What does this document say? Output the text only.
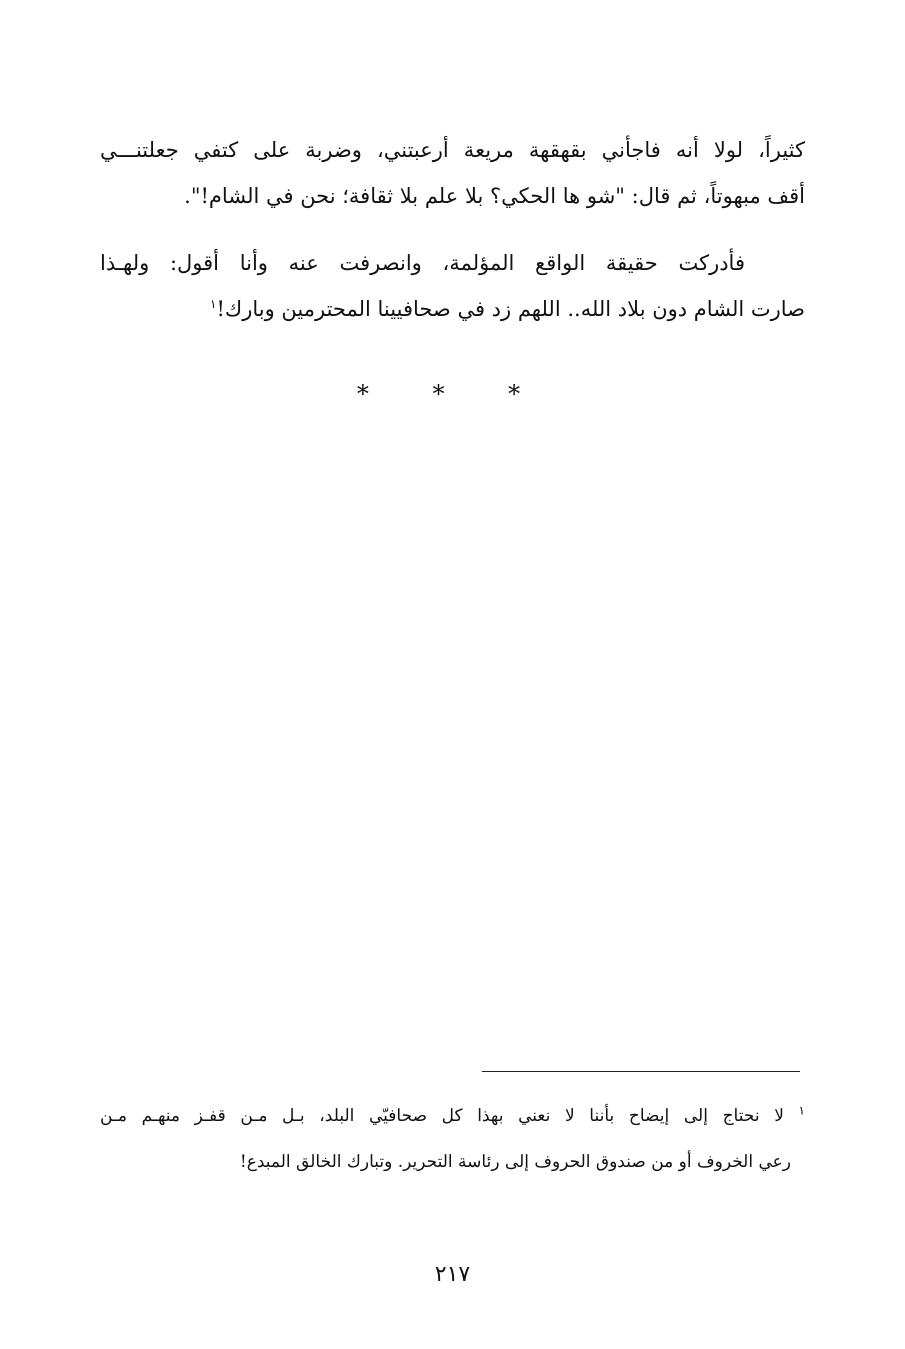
كثيراً، لولا أنه فاجأني بقهقهة مريعة أرعبتني، وضربة على كتفي جعلتنـــي
أقف مبهوتاً، ثم قال: "شو ها الحكي؟ بلا علم بلا ثقافة؛ نحن في الشام!".
فأدركت حقيقة الواقع المؤلمة، وانصرفت عنه وأنا أقول: ولهـذا
صارت الشام دون بلاد الله.. اللهم زد في صحافيينا المحترمين وبارك!$^١$
* * *
$^١$ لا نحتاج إلى إيضاح بأننا لا نعني بهذا كل صحافيّي البلد، بـل مـن قفـز منهـم مـن
رعي الخروف أو من صندوق الحروف إلى رئاسة التحرير. وتبارك الخالق المبدع!
٢١٧
